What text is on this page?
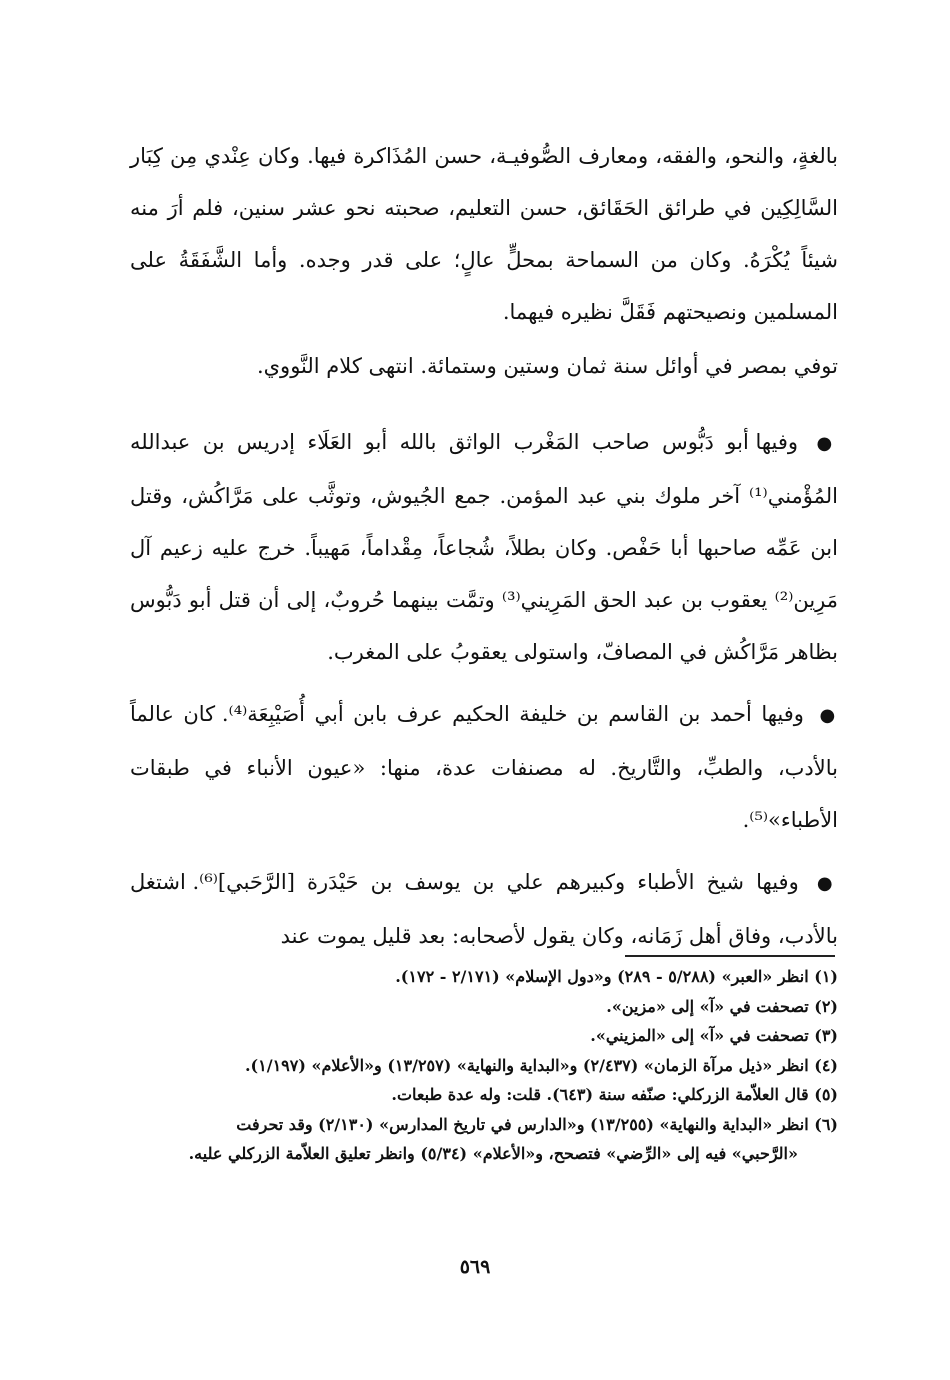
بالغةٍ، والنحو، والفقه، ومعارف الصُّوفيـة، حسن المُذَاكرة فيها. وكان عِنْدي مِن كِبَار السَّالِكِين في طرائق الحَقَائق، حسن التعليم، صحبته نحو عشر سنين، فلم أرَ منه شيئاً يُكْرَهُ. وكان من السماحة بمحلٍّ عالٍ؛ على قدر وجده. وأما الشَّفَقَةُ على المسلمين ونصيحتهم فَقَلَّ نظيره فيهما.

توفي بمصر في أوائل سنة ثمان وستين وستمائة. انتهى كلام النَّووي.

● وفيها أبو دَبُّوس صاحب المَغْرب الواثق بالله أبو العَلَاء إدريس بن عبدالله المُؤْمني⁽¹⁾ آخر ملوك بني عبد المؤمن. جمع الجُيوش، وتوثَّب على مَرَّاكُش، وقتل ابن عَمِّه صاحبها أبا حَفْص. وكان بطلاً، شُجاعاً، مِقْداماً، مَهيباً. خرج عليه زعيم آل مَرِين⁽²⁾ يعقوب بن عبد الحق المَرِيني⁽³⁾ وتمَّت بينهما حُروبٌ، إلى أن قتل أبو دَبُّوس بظاهر مَرَّاكُش في المصافّ، واستولى يعقوبُ على المغرب.

● وفيها أحمد بن القاسم بن خليفة الحكيم عرف بابن أبي أُصَيْبِعَة⁽⁴⁾. كان عالماً بالأدب، والطبِّ، والتَّاريخ. له مصنفات عدة، منها: «عيون الأنباء في طبقات الأطباء»⁽⁵⁾.

● وفيها شيخ الأطباء وكبيرهم علي بن يوسف بن حَيْدَرة [الرَّحَبي]⁽⁶⁾. اشتغل بالأدب، وفاق أهل زَمَانه، وكان يقول لأصحابه: بعد قليل يموت عند

(١) انظر «العبر» (٥/٢٨٨ - ٢٨٩) و«دول الإسلام» (٢/١٧١ - ١٧٢).

(٢) تصحفت في «آ» إلى «مزين».

(٣) تصحفت في «آ» إلى «المزيني».

(٤) انظر «ذيل مرآة الزمان» (٢/٤٣٧) و«البداية والنهاية» (١٣/٢٥٧) و«الأعلام» (١/١٩٧).

(٥) قال العلاّمة الزركلي: صنّفه سنة (٦٤٣). قلت: وله عدة طبعات.

(٦) انظر «البداية والنهاية» (١٣/٢٥٥) و«الدارس في تاريخ المدارس» (٢/١٣٠) وقد تحرفت

«الرَّحبي» فيه إلى «الرِّضي» فتصحح، و«الأعلام» (٥/٣٤) وانظر تعليق العلاّمة الزركلي عليه.

٥٦٩
